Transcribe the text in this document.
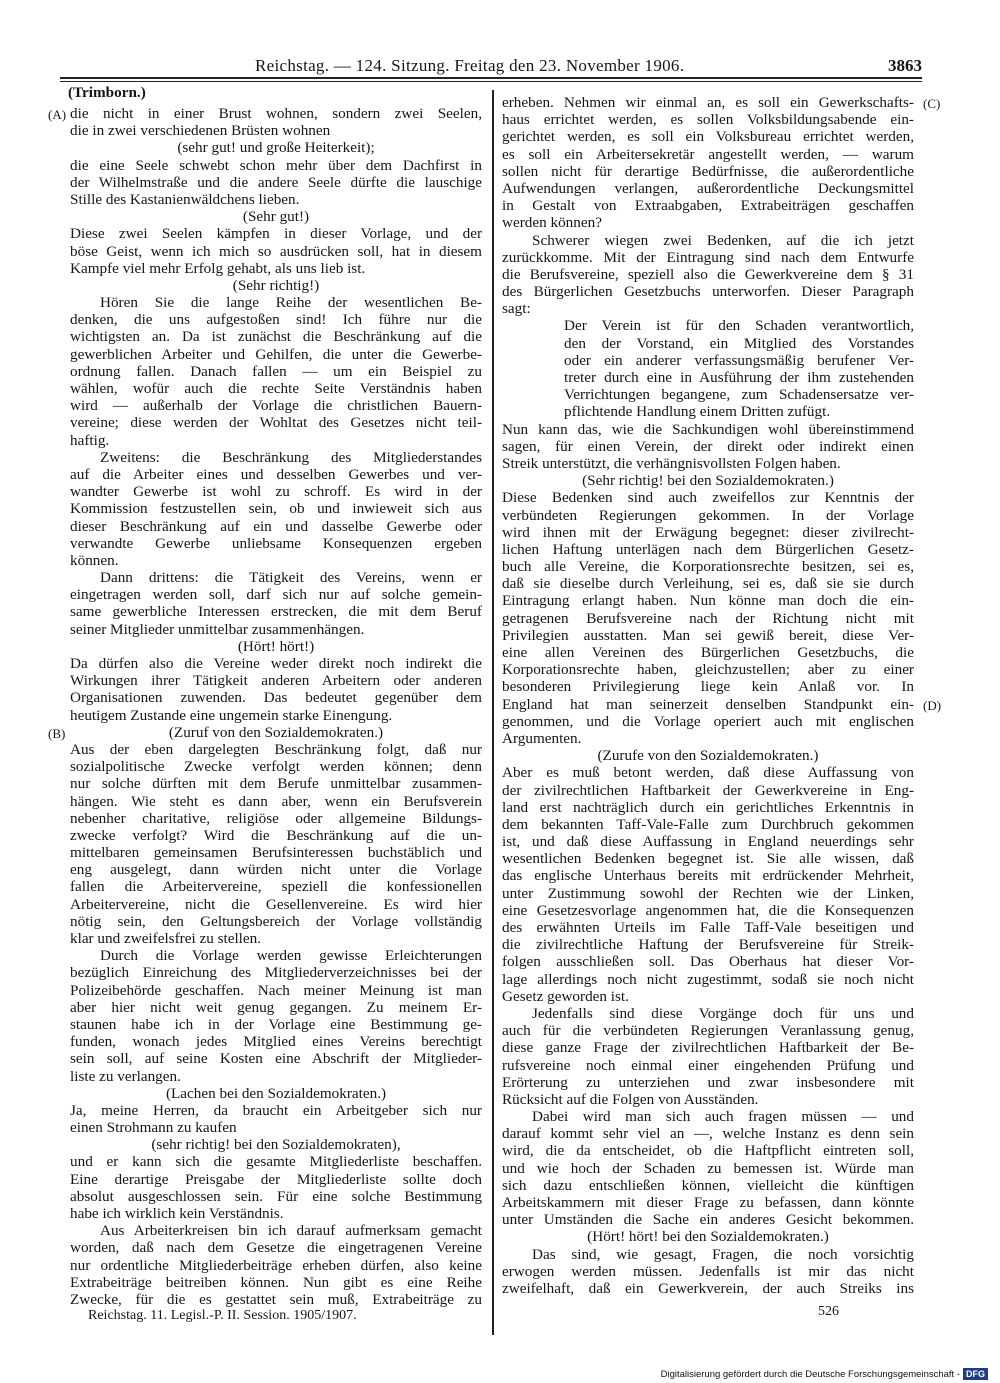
Reichstag. — 124. Sitzung. Freitag den 23. November 1906.	3863
(Trimborn.)
die nicht in einer Brust wohnen, sondern zwei Seelen,
die in zwei verschiedenen Brüsten wohnen
(sehr gut! und große Heiterkeit);
die eine Seele schwebt schon mehr über dem Dachfirst in
der Wilhelmstraße und die andere Seele dürfte die lauschige
Stille des Kastanienwäldchens lieben.
(Sehr gut!)
Diese zwei Seelen kämpfen in dieser Vorlage, und der
böse Geist, wenn ich mich so ausdrücken soll, hat in diesem
Kampfe viel mehr Erfolg gehabt, als uns lieb ist.
(Sehr richtig!)
Hören Sie die lange Reihe der wesentlichen Be-
denken, die uns aufgestoßen sind! Ich führe nur die
wichtigsten an. Da ist zunächst die Beschränkung auf die
gewerblichen Arbeiter und Gehilfen, die unter die Gewerbe-
ordnung fallen. Danach fallen — um ein Beispiel zu
wählen, wofür auch die rechte Seite Verständnis haben
wird — außerhalb der Vorlage die christlichen Bauern-
vereine; diese werden der Wohltat des Gesetzes nicht teil-
haftig.
Zweitens: die Beschränkung des Mitgliederstandes
auf die Arbeiter eines und desselben Gewerbes und ver-
wandter Gewerbe ist wohl zu schroff. Es wird in der
Kommission festzustellen sein, ob und inwieweit sich aus
dieser Beschränkung auf ein und dasselbe Gewerbe oder
verwandte Gewerbe unliebsame Konsequenzen ergeben
können.
Dann drittens: die Tätigkeit des Vereins, wenn er
eingetragen werden soll, darf sich nur auf solche gemein-
same gewerbliche Interessen erstrecken, die mit dem Beruf
seiner Mitglieder unmittelbar zusammenhängen.
(Hört! hört!)
Da dürfen also die Vereine weder direkt noch indirekt die
Wirkungen ihrer Tätigkeit anderen Arbeitern oder anderen
Organisationen zuwenden. Das bedeutet gegenüber dem
heutigem Zustande eine ungemein starke Einengung.
(Zuruf von den Sozialdemokraten.)
Aus der eben dargelegten Beschränkung folgt, daß nur
sozialpolitische Zwecke verfolgt werden können; denn
nur solche dürften mit dem Berufe unmittelbar zusammen-
hängen. Wie steht es dann aber, wenn ein Berufsverein
nebenher charitative, religiöse oder allgemeine Bildungs-
zwecke verfolgt? Wird die Beschränkung auf die un-
mittelbaren gemeinsamen Berufsinteressen buchstäblich und
eng ausgelegt, dann würden nicht unter die Vorlage
fallen die Arbeitervereine, speziell die konfessionellen
Arbeitervereine, nicht die Gesellenvereine. Es wird hier
nötig sein, den Geltungsbereich der Vorlage vollständig
klar und zweifelsfrei zu stellen.
Durch die Vorlage werden gewisse Erleichterungen
bezüglich Einreichung des Mitgliederverzeichnisses bei der
Polizeibehörde geschaffen. Nach meiner Meinung ist man
aber hier nicht weit genug gegangen. Zu meinem Er-
staunen habe ich in der Vorlage eine Bestimmung ge-
funden, wonach jedes Mitglied eines Vereins berechtigt
sein soll, auf seine Kosten eine Abschrift der Mitglieder-
liste zu verlangen.
(Lachen bei den Sozialdemokraten.)
Ja, meine Herren, da braucht ein Arbeitgeber sich nur
einen Strohmann zu kaufen
(sehr richtig! bei den Sozialdemokraten),
und er kann sich die gesamte Mitgliederliste beschaffen.
Eine derartige Preisgabe der Mitgliederliste sollte doch
absolut ausgeschlossen sein. Für eine solche Bestimmung
habe ich wirklich kein Verständnis.
Aus Arbeiterkreisen bin ich darauf aufmerksam gemacht
worden, daß nach dem Gesetze die eingetragenen Vereine
nur ordentliche Mitgliederbeiträge erheben dürfen, also keine
Extrabeiträge beitreiben können. Nun gibt es eine Reihe
Zwecke, für die es gestattet sein muß, Extrabeiträge zu
erheben. Nehmen wir einmal an, es soll ein Gewerkschafts-
haus errichtet werden, es sollen Volksbildungsabende ein-
gerichtet werden, es soll ein Volksbureau errichtet werden,
es soll ein Arbeitersekretär angestellt werden, — warum
sollen nicht für derartige Bedürfnisse, die außerordentliche
Aufwendungen verlangen, außerordentliche Deckungsmittel
in Gestalt von Extraabgaben, Extrabeiträgen geschaffen
werden können?
Schwerer wiegen zwei Bedenken, auf die ich jetzt
zurückkomme. Mit der Eintragung sind nach dem Entwurfe
die Berufsvereine, speziell also die Gewerkvereine dem § 31
des Bürgerlichen Gesetzbuchs unterworfen. Dieser Paragraph
sagt:
Der Verein ist für den Schaden verantwortlich,
den der Vorstand, ein Mitglied des Vorstandes
oder ein anderer verfassungsmäßig berufener Ver-
treter durch eine in Ausführung der ihm zustehenden
Verrichtungen begangene, zum Schadensersatze ver-
pflichtende Handlung einem Dritten zufügt.
Nun kann das, wie die Sachkundigen wohl übereinstimmend
sagen, für einen Verein, der direkt oder indirekt einen
Streik unterstützt, die verhängnisvollsten Folgen haben.
(Sehr richtig! bei den Sozialdemokraten.)
Diese Bedenken sind auch zweifellos zur Kenntnis der
verbündeten Regierungen gekommen. In der Vorlage
wird ihnen mit der Erwägung begegnet: dieser zivilrecht-
lichen Haftung unterlägen nach dem Bürgerlichen Gesetz-
buch alle Vereine, die Korporationsrechte besitzen, sei es,
daß sie dieselbe durch Verleihung, sei es, daß sie sie durch
Eintragung erlangt haben. Nun könne man doch die ein-
getragenen Berufsvereine nach der Richtung nicht mit
Privilegien ausstatten. Man sei gewiß bereit, diese Ver-
eine allen Vereinen des Bürgerlichen Gesetzbuchs, die
Korporationsrechte haben, gleichzustellen; aber zu einer
besonderen Privilegierung liege kein Anlaß vor. In
England hat man seinerzeit denselben Standpunkt ein-
genommen, und die Vorlage operiert auch mit englischen
Argumenten.
(Zurufe von den Sozialdemokraten.)
Aber es muß betont werden, daß diese Auffassung von
der zivilrechtlichen Haftbarkeit der Gewerkvereine in Eng-
land erst nachträglich durch ein gerichtliches Erkenntnis in
dem bekannten Taff-Vale-Falle zum Durchbruch gekommen
ist, und daß diese Auffassung in England neuerdings sehr
wesentlichen Bedenken begegnet ist. Sie alle wissen, daß
das englische Unterhaus bereits mit erdrückender Mehrheit,
unter Zustimmung sowohl der Rechten wie der Linken,
eine Gesetzesvorlage angenommen hat, die die Konsequenzen
des erwähnten Urteils im Falle Taff-Vale beseitigen und
die zivilrechtliche Haftung der Berufsvereine für Streik-
folgen ausschließen soll. Das Oberhaus hat dieser Vor-
lage allerdings noch nicht zugestimmt, sodaß sie noch nicht
Gesetz geworden ist.
Jedenfalls sind diese Vorgänge doch für uns und
auch für die verbündeten Regierungen Veranlassung genug,
diese ganze Frage der zivilrechtlichen Haftbarkeit der Be-
rufsvereine noch einmal einer eingehenden Prüfung und
Erörterung zu unterziehen und zwar insbesondere mit
Rücksicht auf die Folgen von Ausständen.
Dabei wird man sich auch fragen müssen — und
darauf kommt sehr viel an —, welche Instanz es denn sein
wird, die da entscheidet, ob die Haftpflicht eintreten soll,
und wie hoch der Schaden zu bemessen ist. Würde man
sich dazu entschließen können, vielleicht die künftigen
Arbeitskammern mit dieser Frage zu befassen, dann könnte
unter Umständen die Sache ein anderes Gesicht bekommen.
(Hört! hört! bei den Sozialdemokraten.)
Das sind, wie gesagt, Fragen, die noch vorsichtig
erwogen werden müssen. Jedenfalls ist mir das nicht
zweifelhaft, daß ein Gewerkverein, der auch Streiks ins
(A)
(B)
(C)
(D)
Reichstag. 11. Legisl.-P. II. Session. 1905/1907.	526
Digitalisierung gefördert durch die Deutsche Forschungsgemeinschaft - DFG
